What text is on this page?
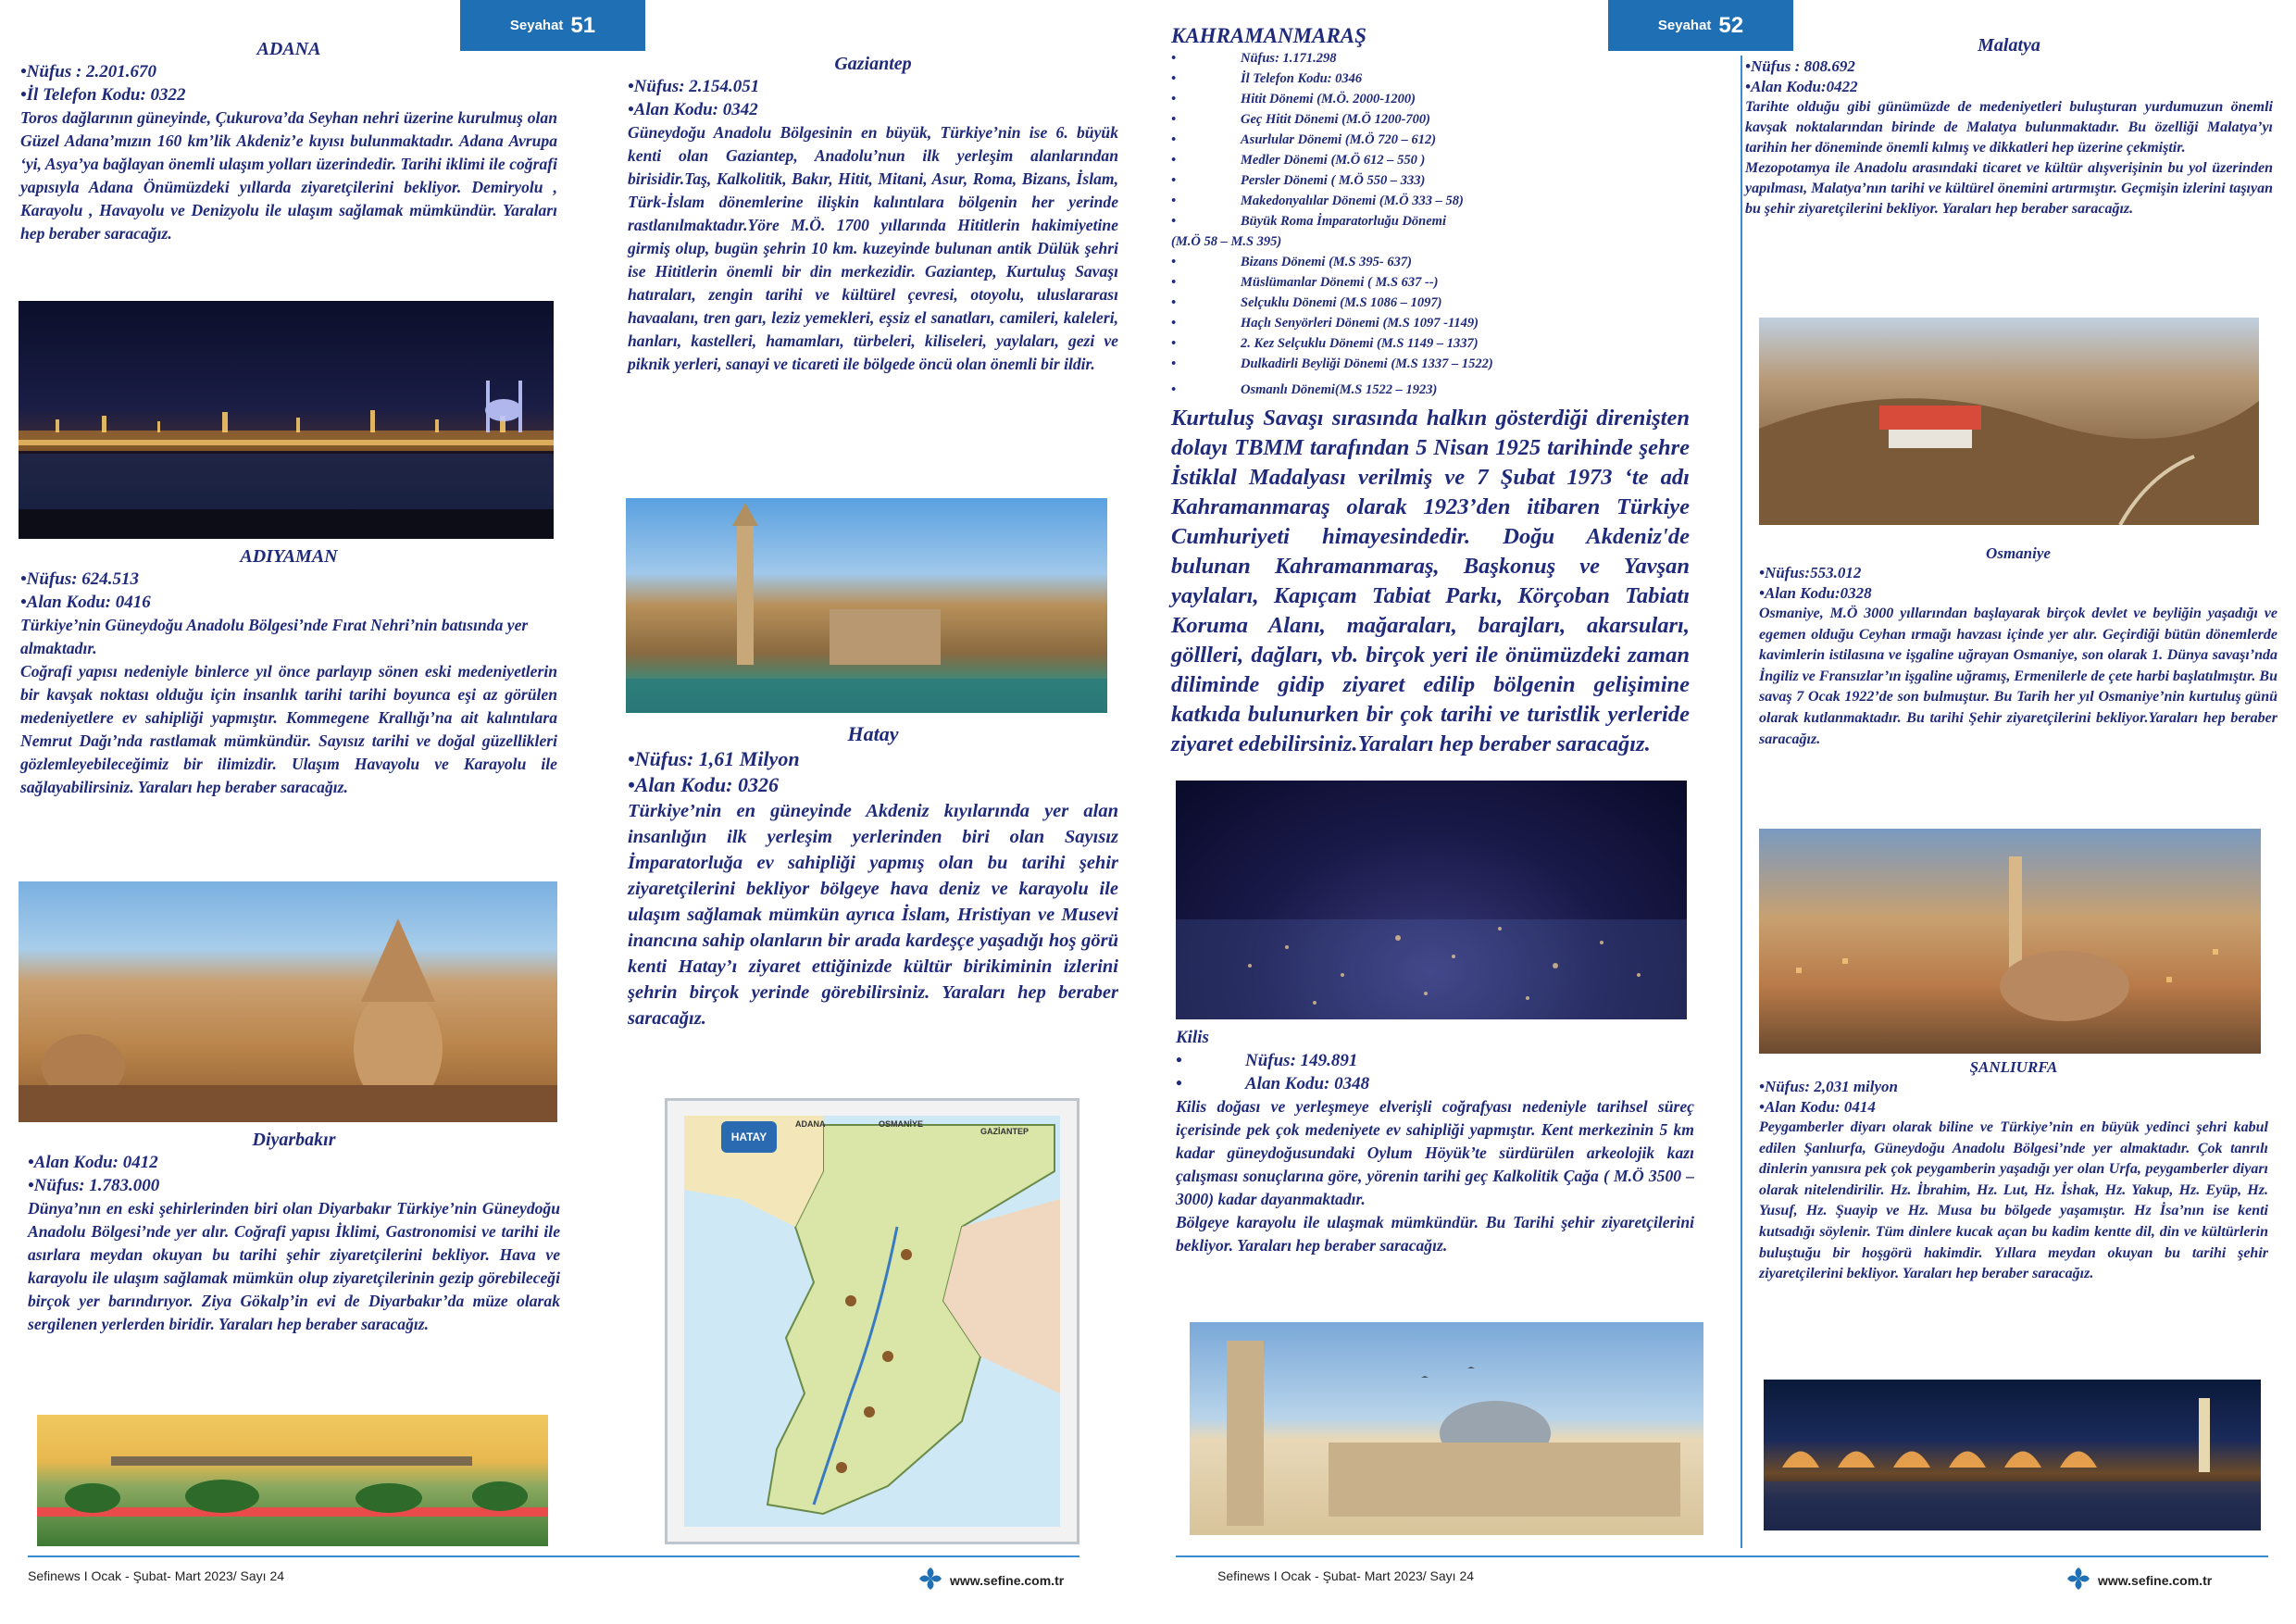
Seyahat 51

ADANA

•Nüfus : 2.201.670

•İl Telefon Kodu: 0322

Toros dağlarının güneyinde, Çukurova’da Seyhan nehri üzerine kurulmuş olan Güzel Adana’mızın 160 km’lik Akdeniz’e kıyısı bulunmaktadır. Adana Avrupa ‘yi, Asya’ya bağlayan önemli ulaşım yolları üzerindedir. Tarihi iklimi ile coğrafi yapısıyla Adana Önümüzdeki yıllarda ziyaretçilerini bekliyor. Demiryolu , Karayolu , Havayolu ve Denizyolu ile ulaşım sağlamak mümkündür. Yaraları hep beraber saracağız.

ADIYAMAN

•Nüfus: 624.513

•Alan Kodu: 0416

Türkiye’nin Güneydoğu Anadolu Bölgesi’nde Fırat Nehri’nin batısında yer almaktadır.

Coğrafi yapısı nedeniyle binlerce yıl önce parlayıp sönen eski medeniyetlerin bir kavşak noktası olduğu için insanlık tarihi tarihi boyunca eşi az görülen medeniyetlere ev sahipliği yapmıştır. Kommegene Krallığı’na ait kalıntılara Nemrut Dağı’nda rastlamak mümkündür. Sayısız tarihi ve doğal güzellikleri gözlemleyebileceğimiz bir ilimizdir. Ulaşım Havayolu ve Karayolu ile sağlayabilirsiniz. Yaraları hep beraber saracağız.

Diyarbakır

•Alan Kodu: 0412

•Nüfus: 1.783.000

Dünya’nın en eski şehirlerinden biri olan Diyarbakır Türkiye’nin Güneydoğu Anadolu Bölgesi’nde yer alır. Coğrafi yapısı İklimi, Gastronomisi ve tarihi ile asırlara meydan okuyan bu tarihi şehir ziyaretçilerini bekliyor. Hava ve karayolu ile ulaşım sağlamak mümkün olup ziyaretçilerinin gezip görebileceği birçok yer barındırıyor. Ziya Gökalp’in evi de Diyarbakır’da müze olarak sergilenen yerlerden biridir. Yaraları hep beraber saracağız.

Gaziantep

•Nüfus: 2.154.051

•Alan Kodu: 0342

Güneydoğu Anadolu Bölgesinin en büyük, Türkiye’nin ise 6. büyük kenti olan Gaziantep, Anadolu’nun ilk yerleşim alanlarından birisidir.Taş, Kalkolitik, Bakır, Hitit, Mitani, Asur, Roma, Bizans, İslam, Türk-İslam dönemlerine ilişkin kalıntılara bölgenin her yerinde rastlanılmaktadır.Yöre M.Ö. 1700 yıllarında Hititlerin hakimiyetine girmiş olup, bugün şehrin 10 km. kuzeyinde bulunan antik Dülük şehri ise Hititlerin önemli bir din merkezidir. Gaziantep, Kurtuluş Savaşı hatıraları, zengin tarihi ve kültürel çevresi, otoyolu, uluslararası havaalanı, tren garı, leziz yemekleri, eşsiz el sanatları, camileri, kaleleri, hanları, kastelleri, hamamları, türbeleri, kiliseleri, yaylaları, gezi ve piknik yerleri, sanayi ve ticareti ile bölgede öncü olan önemli bir ildir.

Hatay

•Nüfus: 1,61 Milyon

•Alan Kodu: 0326

Türkiye’nin en güneyinde Akdeniz kıyılarında yer alan insanlığın ilk yerleşim yerlerinden biri olan Sayısız İmparatorluğa ev sahipliği yapmış olan bu tarihi şehir ziyaretçilerini bekliyor bölgeye hava deniz ve karayolu ile ulaşım sağlamak mümkün ayrıca İslam, Hristiyan ve Musevi inancına sahip olanların bir arada kardeşçe yaşadığı hoş görü kenti Hatay’ı ziyaret ettiğinizde kültür birikiminin izlerini şehrin birçok yerinde görebilirsiniz. Yaraları hep beraber saracağız.

HATAY
ADANA	OSMANİYE
GAZİANTEP
Sefinews I Ocak - Şubat- Mart 2023/ Sayı 24	www.sefine.com.tr
Seyahat 52

KAHRAMANMARAŞ

•	Nüfus: 1.171.298
•	İl Telefon Kodu: 0346
•	Hitit Dönemi (M.Ö. 2000-1200)
•	Geç Hitit Dönemi (M.Ö 1200-700)
•	Asurlular Dönemi (M.Ö 720 – 612)
•	Medler Dönemi (M.Ö 612 – 550 )
•	Persler Dönemi ( M.Ö 550 – 333)
•	Makedonyalılar Dönemi (M.Ö 333 – 58)
•	Büyük Roma İmparatorluğu Dönemi
(M.Ö 58 – M.S 395)
•	Bizans Dönemi (M.S 395- 637)
•	Müslümanlar Dönemi ( M.S 637 --)
•	Selçuklu Dönemi (M.S 1086 – 1097)
•	Haçlı Senyörleri Dönemi (M.S 1097 -1149)
•	2. Kez Selçuklu Dönemi (M.S 1149 – 1337)
•	Dulkadirli Beyliği Dönemi (M.S 1337 – 1522)
•	Osmanlı Dönemi(M.S 1522 – 1923)

Kurtuluş Savaşı sırasında halkın gösterdiği direnişten dolayı TBMM tarafından 5 Nisan 1925 tarihinde şehre İstiklal Madalyası verilmiş ve 7 Şubat 1973 ‘te adı Kahramanmaraş olarak 1923’den itibaren Türkiye Cumhuriyeti himayesindedir. Doğu Akdeniz'de bulunan Kahramanmaraş, Başkonuş ve Yavşan yaylaları, Kapıçam Tabiat Parkı, Körçoban Tabiatı Koruma Alanı, mağaraları, barajları, akarsuları, göllleri, dağları, vb. birçok yeri ile önümüzdeki zaman diliminde gidip ziyaret edilip bölgenin gelişimine katkıda bulunurken bir çok tarihi ve turistlik yerleride ziyaret edebilirsiniz.Yaraları hep beraber saracağız.

Kilis

•	Nüfus: 149.891
•	Alan Kodu: 0348

Kilis doğası ve yerleşmeye elverişli coğrafyası nedeniyle tarihsel süreç içerisinde pek çok medeniyete ev sahipliği yapmıştır. Kent merkezinin 5 km kadar güneydoğusundaki Oylum Höyük’te sürdürülen arkeolojik kazı çalışması sonuçlarına göre, yörenin tarihi geç Kalkolitik Çağa ( M.Ö 3500 – 3000) kadar dayanmaktadır.

Bölgeye karayolu ile ulaşmak mümkündür. Bu Tarihi şehir ziyaretçilerini bekliyor. Yaraları hep beraber saracağız.

Malatya

•Nüfus : 808.692

•Alan Kodu:0422

Tarihte olduğu gibi günümüzde de medeniyetleri buluşturan yurdumuzun önemli kavşak noktalarından birinde de Malatya bulunmaktadır. Bu özelliği Malatya’yı tarihin her döneminde önemli kılmış ve dikkatleri hep üzerine çekmiştir.

Mezopotamya ile Anadolu arasındaki ticaret ve kültür alışverişinin bu yol üzerinden yapılması, Malatya’nın tarihi ve kültürel önemini artırmıştır. Geçmişin izlerini taşıyan bu şehir ziyaretçilerini bekliyor. Yaraları hep beraber saracağız.

Osmaniye

•Nüfus:553.012

•Alan Kodu:0328

Osmaniye, M.Ö 3000 yıllarından başlayarak birçok devlet ve beyliğin yaşadığı ve egemen olduğu Ceyhan ırmağı havzası içinde yer alır. Geçirdiği bütün dönemlerde kavimlerin istilasına ve işgaline uğrayan Osmaniye, son olarak 1. Dünya savaşı’nda İngiliz ve Fransızlar’ın işgaline uğramış, Ermenilerle de çete harbi başlatılmıştır. Bu savaş 7 Ocak 1922’de son bulmuştur. Bu Tarih her yıl Osmaniye’nin kurtuluş günü olarak kutlanmaktadır. Bu tarihi Şehir ziyaretçilerini bekliyor.Yaraları hep beraber saracağız.

ŞANLIURFA

•Nüfus: 2,031 milyon

•Alan Kodu: 0414

Peygamberler diyarı olarak biline ve Türkiye’nin en büyük yedinci şehri kabul edilen Şanlıurfa, Güneydoğu Anadolu Bölgesi’nde yer almaktadır. Çok tanrılı dinlerin yanısıra pek çok peygamberin yaşadığı yer olan Urfa, peygamberler diyarı olarak nitelendirilir. Hz. İbrahim, Hz. Lut, Hz. İshak, Hz. Yakup, Hz. Eyüp, Hz. Yusuf, Hz. Şuayip ve Hz. Musa bu bölgede yaşamıştır. Hz İsa’nın ise kenti kutsadığı söylenir. Tüm dinlere kucak açan bu kadim kentte dil, din ve kültürlerin buluştuğu bir hoşgörü hakimdir. Yıllara meydan okuyan bu tarihi şehir ziyaretçilerini bekliyor. Yaraları hep beraber saracağız.

Sefinews I Ocak - Şubat- Mart 2023/ Sayı 24	www.sefine.com.tr
